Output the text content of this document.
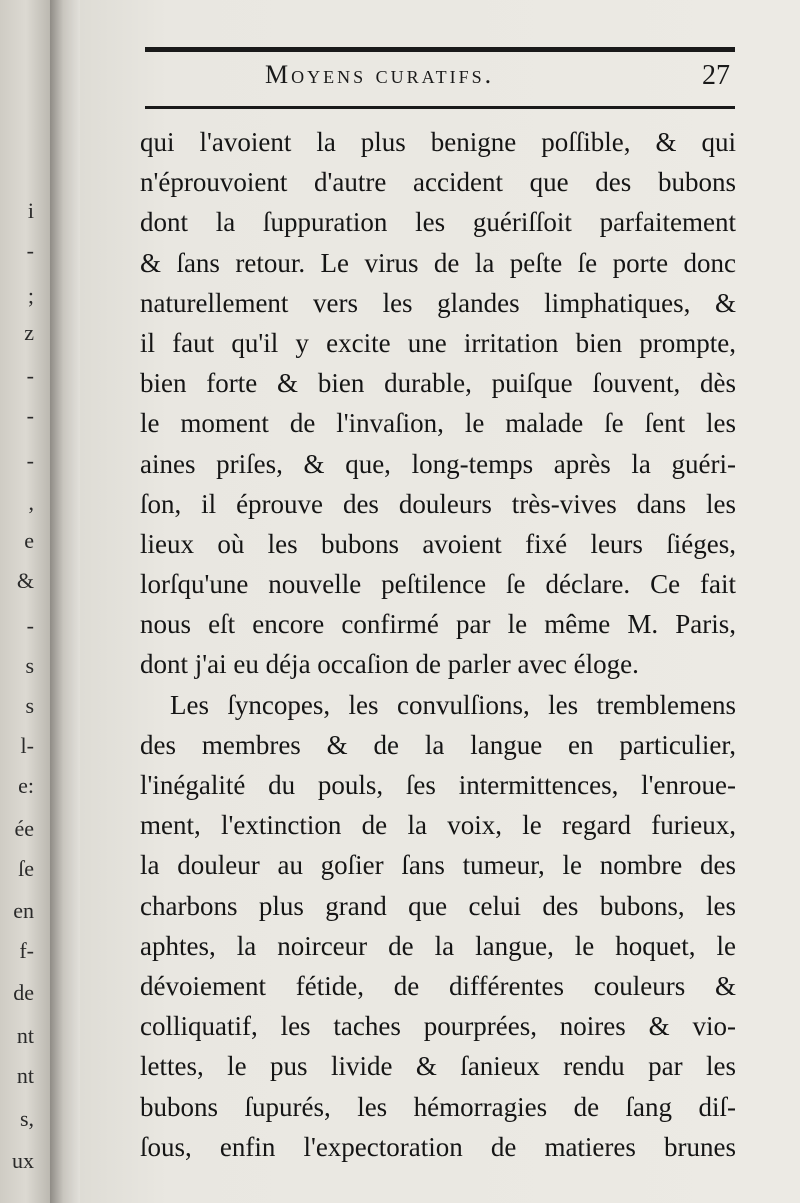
i
-
;
z
-
-
-
,
e
&
-
s
s
l-
e:
ée
ſe
en
f-
de
nt
nt
s,
ux
Moyens curatifs.	27
qui l'avoient la plus benigne poſſible, & qui
n'éprouvoient d'autre accident que des bubons
dont la ſuppuration les guériſſoit parfaitement
& ſans retour. Le virus de la peſte ſe porte donc
naturellement vers les glandes limphatiques, &
il faut qu'il y excite une irritation bien prompte,
bien forte & bien durable, puiſque ſouvent, dès
le moment de l'invaſion, le malade ſe ſent les
aines priſes, & que, long-temps après la guéri-
ſon, il éprouve des douleurs très-vives dans les
lieux où les bubons avoient fixé leurs ſiéges,
lorſqu'une nouvelle peſtilence ſe déclare. Ce fait
nous eſt encore confirmé par le même M. Paris,
dont j'ai eu déja occaſion de parler avec éloge.
Les ſyncopes, les convulſions, les tremblemens
des membres & de la langue en particulier,
l'inégalité du pouls, ſes intermittences, l'enroue-
ment, l'extinction de la voix, le regard furieux,
la douleur au goſier ſans tumeur, le nombre des
charbons plus grand que celui des bubons, les
aphtes, la noirceur de la langue, le hoquet, le
dévoiement fétide, de différentes couleurs &
colliquatif, les taches pourprées, noires & vio-
lettes, le pus livide & ſanieux rendu par les
bubons ſupurés, les hémorragies de ſang diſ-
ſous, enfin l'expectoration de matieres brunes
